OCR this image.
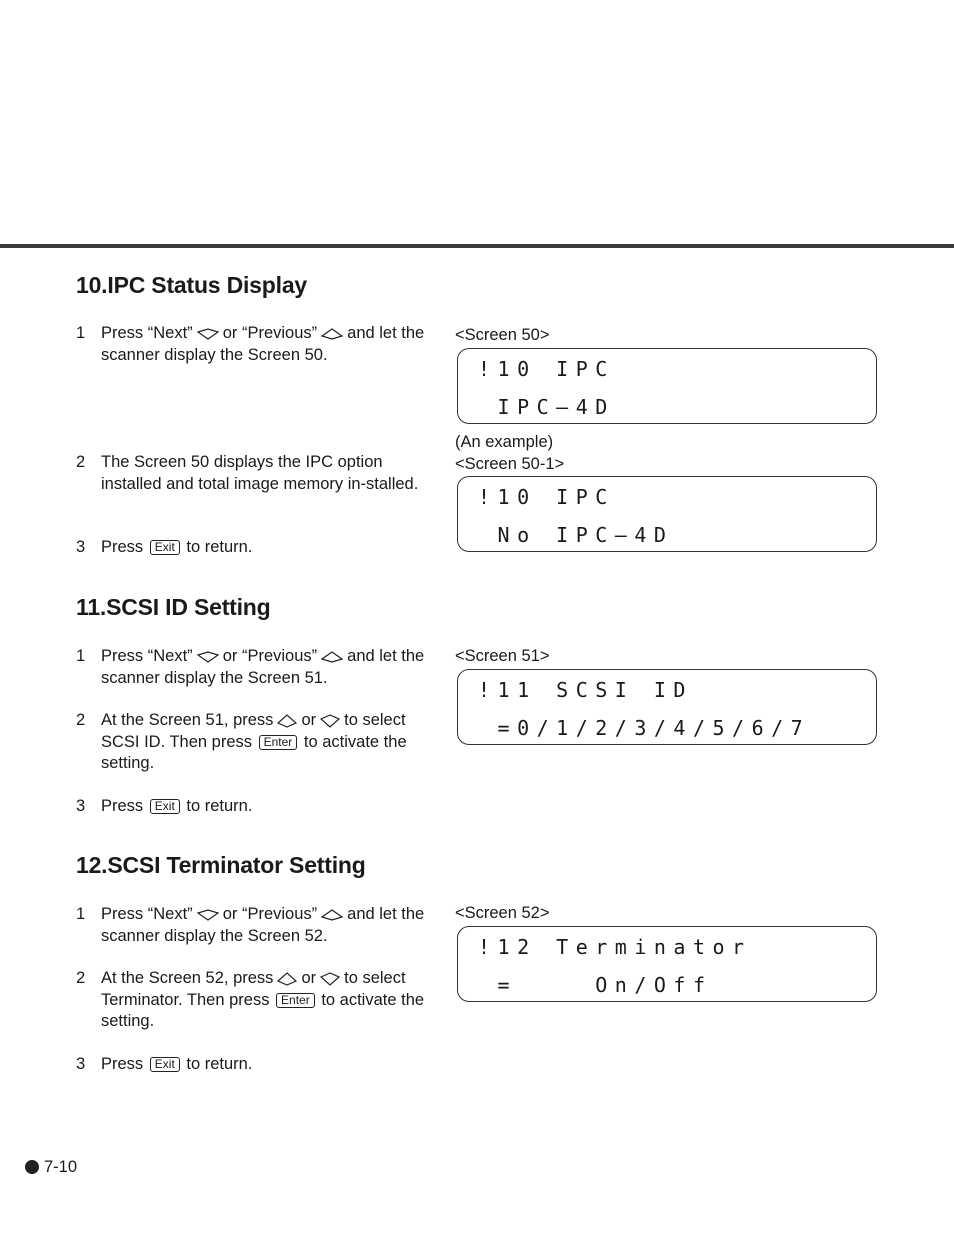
10.IPC Status Display
1 Press “Next” or “Previous” and let the scanner display the Screen 50.
2 The Screen 50 displays the IPC option installed and total image memory in-stalled.
3 Press Exit to return.
<Screen 50>
!10 IPC
IPC–4D
(An example)
<Screen 50-1>
!10 IPC
No IPC–4D
11.SCSI ID Setting
1 Press “Next” or “Previous” and let the scanner display the Screen 51.
2 At the Screen 51, press or to select SCSI ID. Then press Enter to activate the setting.
3 Press Exit to return.
<Screen 51>
!11 SCSI ID
=0/1/2/3/4/5/6/7
12.SCSI Terminator Setting
1 Press “Next” or “Previous” and let the scanner display the Screen 52.
2 At the Screen 52, press or to select Terminator. Then press Enter to activate the setting.
3 Press Exit to return.
<Screen 52>
!12 Terminator
=    On/Off
7-10
